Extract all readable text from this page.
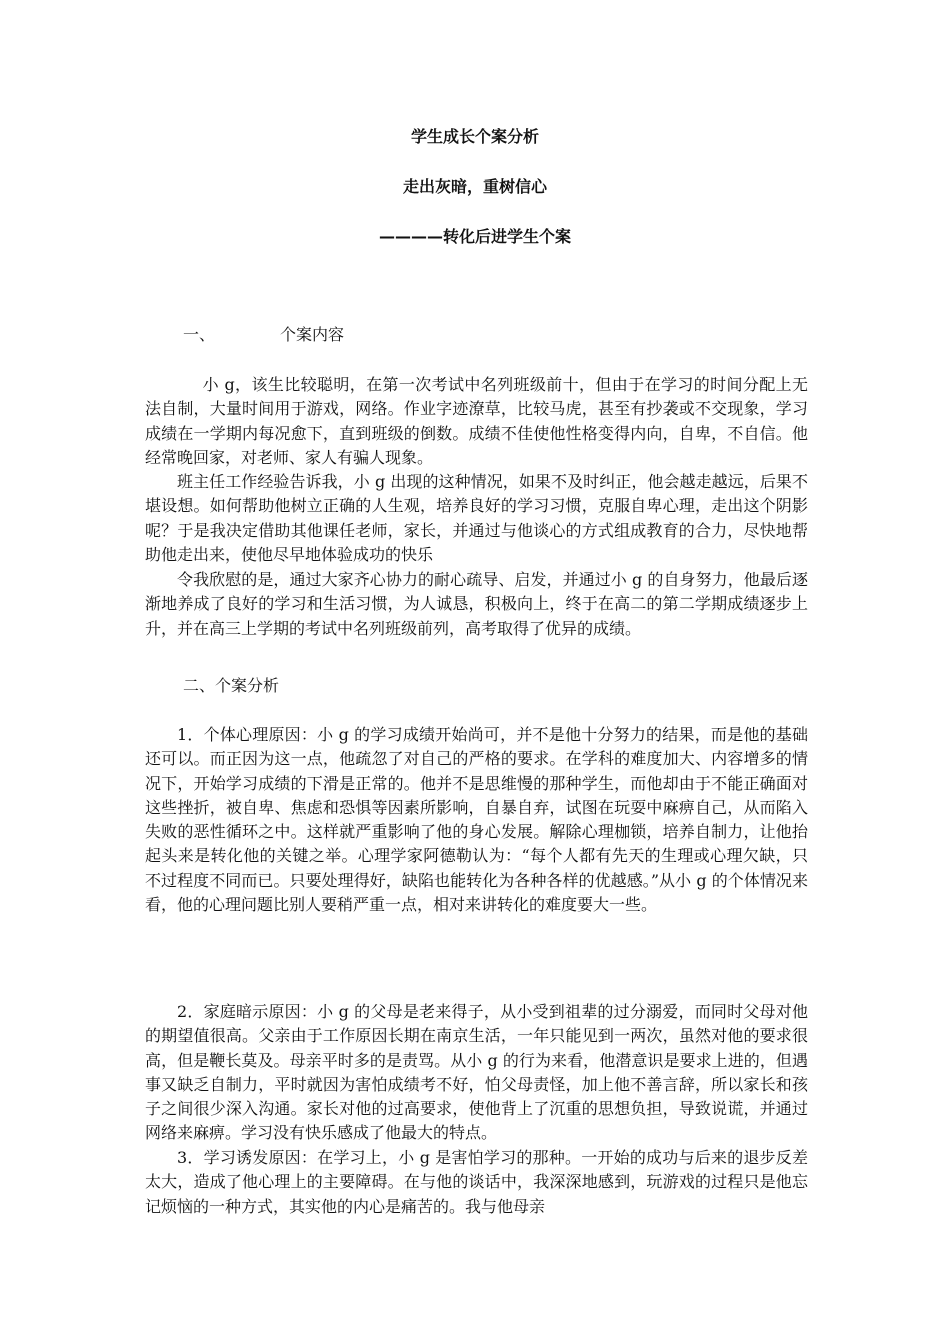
学生成长个案分析
走出灰暗，重树信心
————转化后进学生个案
一、	个案内容

小 g，该生比较聪明，在第一次考试中名列班级前十，但由于在学习的时间分配上无法自制，大量时间用于游戏，网络。作业字迹潦草，比较马虎，甚至有抄袭或不交现象，学习成绩在一学期内每况愈下，直到班级的倒数。成绩不佳使他性格变得内向，自卑，不自信。他经常晚回家，对老师、家人有骗人现象。

班主任工作经验告诉我，小 g 出现的这种情况，如果不及时纠正，他会越走越远，后果不堪设想。如何帮助他树立正确的人生观，培养良好的学习习惯，克服自卑心理，走出这个阴影呢？于是我决定借助其他课任老师，家长，并通过与他谈心的方式组成教育的合力，尽快地帮助他走出来，使他尽早地体验成功的快乐

令我欣慰的是，通过大家齐心协力的耐心疏导、启发，并通过小 g 的自身努力，他最后逐渐地养成了良好的学习和生活习惯，为人诚恳，积极向上，终于在高二的第二学期成绩逐步上升，并在高三上学期的考试中名列班级前列，高考取得了优异的成绩。

二、个案分析

1．个体心理原因：小 g 的学习成绩开始尚可，并不是他十分努力的结果，而是他的基础还可以。而正因为这一点，他疏忽了对自己的严格的要求。在学科的难度加大、内容增多的情况下，开始学习成绩的下滑是正常的。他并不是思维慢的那种学生，而他却由于不能正确面对这些挫折，被自卑、焦虑和恐惧等因素所影响，自暴自弃，试图在玩耍中麻痹自己，从而陷入失败的恶性循环之中。这样就严重影响了他的身心发展。解除心理枷锁，培养自制力，让他抬起头来是转化他的关键之举。心理学家阿德勒认为：“每个人都有先天的生理或心理欠缺，只不过程度不同而已。只要处理得好，缺陷也能转化为各种各样的优越感。”从小 g 的个体情况来看，他的心理问题比别人要稍严重一点，相对来讲转化的难度要大一些。

2．家庭暗示原因：小 g 的父母是老来得子，从小受到祖辈的过分溺爱，而同时父母对他的期望值很高。父亲由于工作原因长期在南京生活，一年只能见到一两次，虽然对他的要求很高，但是鞭长莫及。母亲平时多的是责骂。从小 g 的行为来看，他潜意识是要求上进的，但遇事又缺乏自制力，平时就因为害怕成绩考不好，怕父母责怪，加上他不善言辞，所以家长和孩子之间很少深入沟通。家长对他的过高要求，使他背上了沉重的思想负担，导致说谎，并通过网络来麻痹。学习没有快乐感成了他最大的特点。

3．学习诱发原因：在学习上，小 g 是害怕学习的那种。一开始的成功与后来的退步反差太大，造成了他心理上的主要障碍。在与他的谈话中，我深深地感到，玩游戏的过程只是他忘记烦恼的一种方式，其实他的内心是痛苦的。我与他母亲
